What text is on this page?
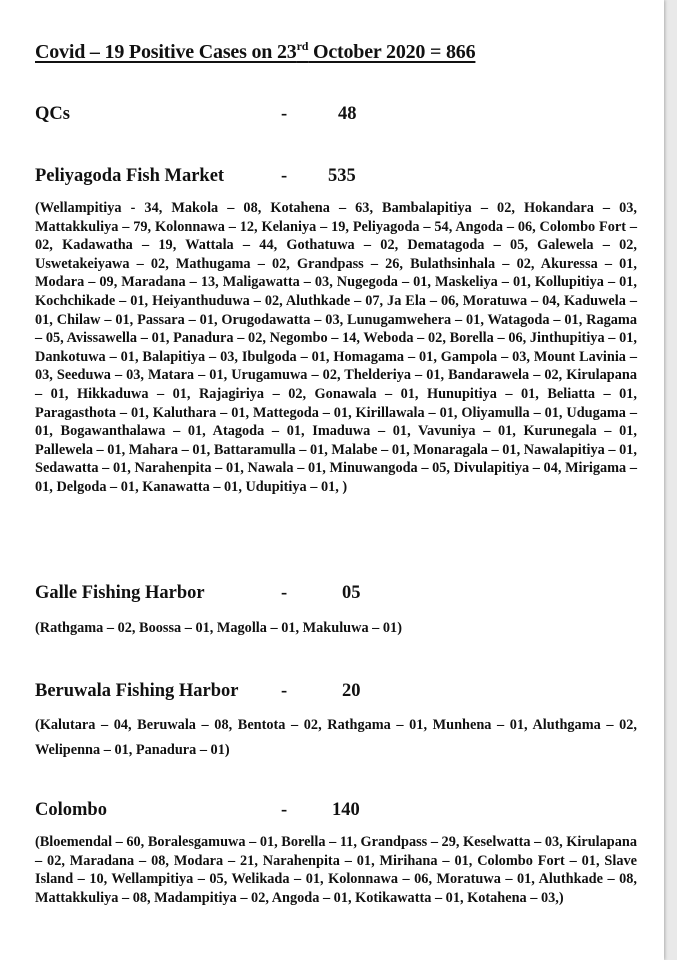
Covid – 19 Positive Cases on 23rd October 2020 = 866
QCs	-	48
Peliyagoda Fish Market	- 535
(Wellampitiya - 34, Makola – 08, Kotahena – 63, Bambalapitiya – 02, Hokandara – 03, Mattakkuliya – 79, Kolonnawa – 12, Kelaniya – 19, Peliyagoda – 54, Angoda – 06, Colombo Fort – 02, Kadawatha – 19, Wattala – 44, Gothatuwa – 02, Dematagoda – 05, Galewela – 02, Uswetakeiyawa – 02, Mathugama – 02, Grandpass – 26, Bulathsinhala – 02, Akuressa – 01, Modara – 09, Maradana – 13, Maligawatta – 03, Nugegoda – 01, Maskeliya – 01, Kollupitiya – 01, Kochchikade – 01, Heiyanthuduwa – 02, Aluthkade – 07, Ja Ela – 06, Moratuwa – 04, Kaduwela – 01, Chilaw – 01, Passara – 01, Orugodawatta – 03, Lunugamwehera – 01, Watagoda – 01, Ragama – 05, Avissawella – 01, Panadura – 02, Negombo – 14, Weboda – 02, Borella – 06, Jinthupitiya – 01, Dankotuwa – 01, Balapitiya – 03, Ibulgoda – 01, Homagama – 01, Gampola – 03, Mount Lavinia – 03, Seeduwa – 03, Matara – 01, Urugamuwa – 02, Thelderiya – 01, Bandarawela – 02, Kirulapana – 01, Hikkaduwa – 01, Rajagiriya – 02, Gonawala – 01, Hunupitiya – 01, Beliatta – 01, Paragasthota – 01, Kaluthara – 01, Mattegoda – 01, Kirillawala – 01, Oliyamulla – 01, Udugama – 01, Bogawanthalawa – 01, Atagoda – 01, Imaduwa – 01, Vavuniya – 01, Kurunegala – 01, Pallewela – 01, Mahara – 01, Battaramulla – 01, Malabe – 01, Monaragala – 01, Nawalapitiya – 01, Sedawatta – 01, Narahenpita – 01, Nawala – 01, Minuwangoda – 05, Divulapitiya – 04, Mirigama – 01, Delgoda – 01, Kanawatta – 01, Udupitiya – 01, )
Galle Fishing Harbor	-	05
(Rathgama – 02, Boossa – 01, Magolla – 01, Makuluwa – 01)
Beruwala Fishing Harbor -	20
(Kalutara – 04, Beruwala – 08, Bentota – 02, Rathgama – 01, Munhena – 01, Aluthgama – 02, Welipenna – 01, Panadura – 01)
Colombo	- 140
(Bloemendal – 60, Boralesgamuwa – 01, Borella – 11, Grandpass – 29, Keselwatta – 03, Kirulapana – 02, Maradana – 08, Modara – 21, Narahenpita – 01, Mirihana – 01, Colombo Fort – 01, Slave Island – 10, Wellampitiya – 05, Welikada – 01, Kolonnawa – 06, Moratuwa – 01, Aluthkade – 08, Mattakkuliya – 08, Madampitiya – 02, Angoda – 01, Kotikawatta – 01, Kotahena – 03,)
